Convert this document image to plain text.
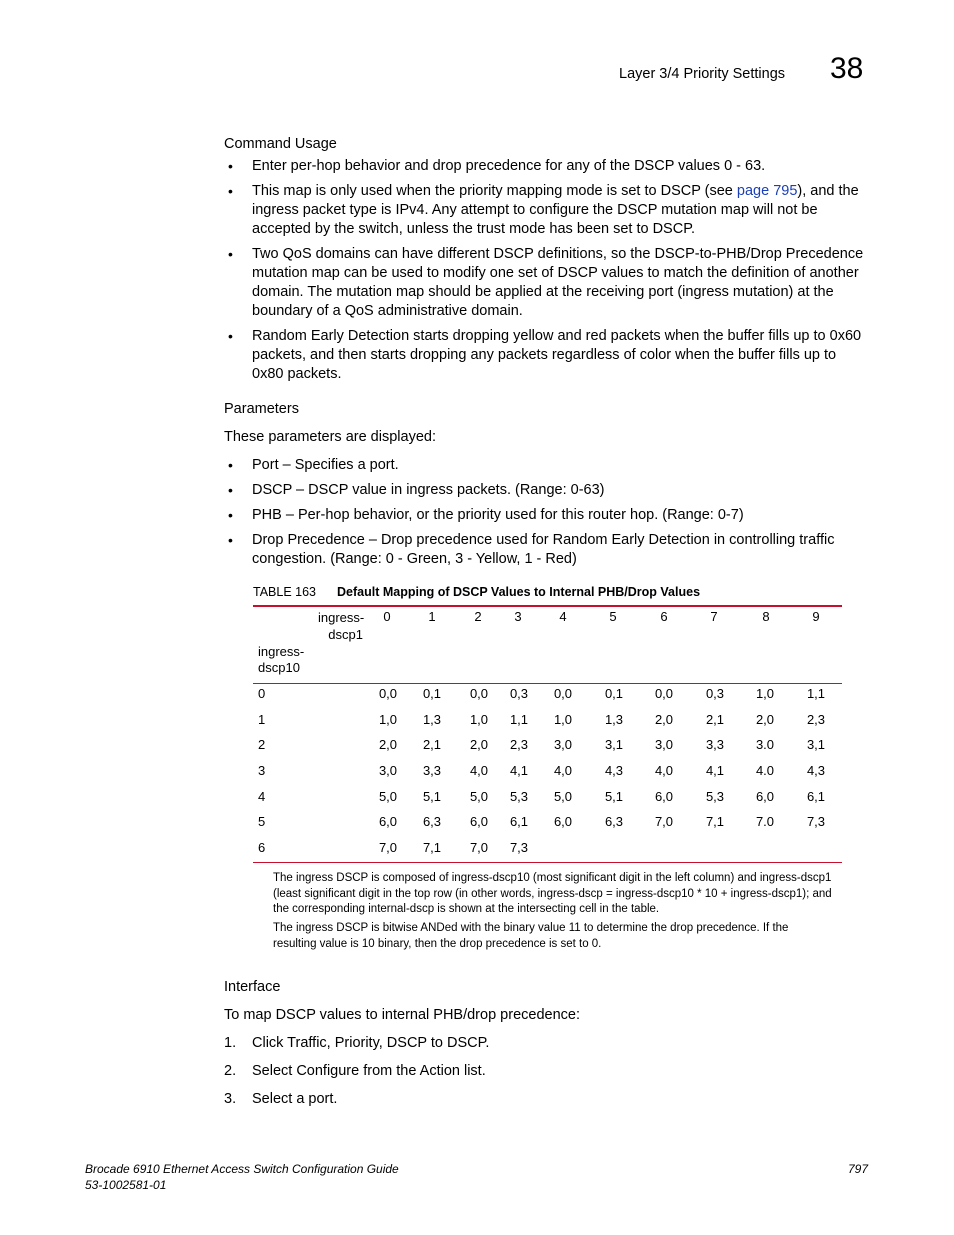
Layer 3/4 Priority Settings 38
Command Usage
• Enter per-hop behavior and drop precedence for any of the DSCP values 0 - 63.
• This map is only used when the priority mapping mode is set to DSCP (see page 795), and the ingress packet type is IPv4. Any attempt to configure the DSCP mutation map will not be accepted by the switch, unless the trust mode has been set to DSCP.
• Two QoS domains can have different DSCP definitions, so the DSCP-to-PHB/Drop Precedence mutation map can be used to modify one set of DSCP values to match the definition of another domain. The mutation map should be applied at the receiving port (ingress mutation) at the boundary of a QoS administrative domain.
• Random Early Detection starts dropping yellow and red packets when the buffer fills up to 0x60 packets, and then starts dropping any packets regardless of color when the buffer fills up to 0x80 packets.
Parameters
These parameters are displayed:
• Port – Specifies a port.
• DSCP – DSCP value in ingress packets. (Range: 0-63)
• PHB – Per-hop behavior, or the priority used for this router hop. (Range: 0-7)
• Drop Precedence – Drop precedence used for Random Early Detection in controlling traffic congestion. (Range: 0 - Green, 3 - Yellow, 1 - Red)
TABLE 163 Default Mapping of DSCP Values to Internal PHB/Drop Values
ingress-
dscp1
ingress-
dscp10
0	1	2	3	4	5	6	7	8	9
0	0,0	0,1	0,0	0,3	0,0	0,1	0,0	0,3	1,0	1,1
1	1,0	1,3	1,0	1,1	1,0	1,3	2,0	2,1	2,0	2,3
2	2,0	2,1	2,0	2,3	3,0	3,1	3,0	3,3	3.0	3,1
3	3,0	3,3	4,0	4,1	4,0	4,3	4,0	4,1	4.0	4,3
4	5,0	5,1	5,0	5,3	5,0	5,1	6,0	5,3	6,0	6,1
5	6,0	6,3	6,0	6,1	6,0	6,3	7,0	7,1	7.0	7,3
6	7,0	7,1	7,0	7,3
The ingress DSCP is composed of ingress-dscp10 (most significant digit in the left column) and ingress-dscp1 (least significant digit in the top row (in other words, ingress-dscp = ingress-dscp10 * 10 + ingress-dscp1); and the corresponding internal-dscp is shown at the intersecting cell in the table.
The ingress DSCP is bitwise ANDed with the binary value 11 to determine the drop precedence. If the resulting value is 10 binary, then the drop precedence is set to 0.
Interface
To map DSCP values to internal PHB/drop precedence:
1. Click Traffic, Priority, DSCP to DSCP.
2. Select Configure from the Action list.
3. Select a port.
Brocade 6910 Ethernet Access Switch Configuration Guide
53-1002581-01
797
